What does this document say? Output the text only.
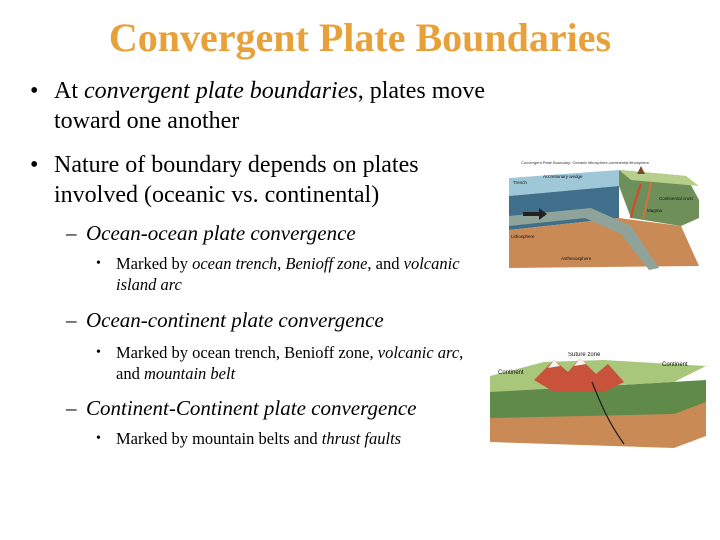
Convergent Plate Boundaries
• At convergent plate boundaries, plates move toward one another
• Nature of boundary depends on plates involved (oceanic vs. continental)
– Ocean-ocean plate convergence
• Marked by ocean trench, Benioff zone, and volcanic island arc
– Ocean-continent plate convergence
• Marked by ocean trench, Benioff zone, volcanic arc, and mountain belt
– Continent-Continent plate convergence
• Marked by mountain belts and thrust faults
Convergent Plate Boundary: Oceanic lithosphere-continental lithosphere
Trench
Accretionary wedge
Lithosphere
Asthenosphere
Continental crust
Magma
Suture zone
Continent
Continent
